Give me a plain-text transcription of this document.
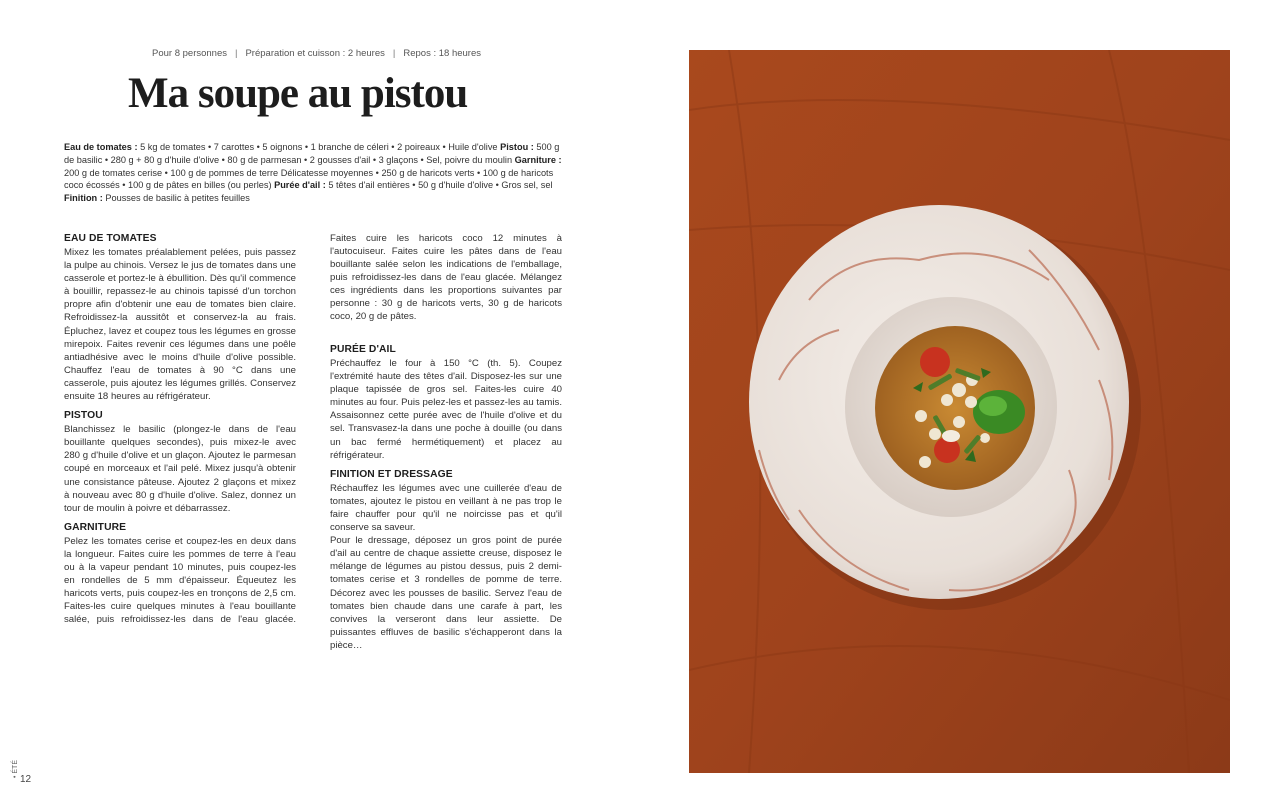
Pour 8 personnes | Préparation et cuisson : 2 heures | Repos : 18 heures
Ma soupe au pistou
Eau de tomates : 5 kg de tomates • 7 carottes • 5 oignons • 1 branche de céleri • 2 poireaux • Huile d'olive Pistou : 500 g de basilic • 280 g + 80 g d'huile d'olive • 80 g de parmesan • 2 gousses d'ail • 3 glaçons • Sel, poivre du moulin Garniture : 200 g de tomates cerise • 100 g de pommes de terre Délicatesse moyennes • 250 g de haricots verts • 100 g de haricots coco écossés • 100 g de pâtes en billes (ou perles) Purée d'ail : 5 têtes d'ail entières • 50 g d'huile d'olive • Gros sel, sel Finition : Pousses de basilic à petites feuilles
EAU DE TOMATES

Mixez les tomates préalablement pelées, puis passez la pulpe au chinois. Versez le jus de tomates dans une casserole et portez-le à ébullition. Dès qu'il commence à bouillir, repassez-le au chinois tapissé d'un torchon propre afin d'obtenir une eau de tomates bien claire. Refroidissez-la aussitôt et conservez-la au frais. Épluchez, lavez et coupez tous les légumes en grosse mirepoix. Faites revenir ces légumes dans une poêle antiadhésive avec le moins d'huile d'olive possible. Chauffez l'eau de tomates à 90 °C dans une casserole, puis ajoutez les légumes grillés. Conservez ensuite 18 heures au réfrigérateur.

PISTOU

Blanchissez le basilic (plongez-le dans de l'eau bouillante quelques secondes), puis mixez-le avec 280 g d'huile d'olive et un glaçon. Ajoutez le parmesan coupé en morceaux et l'ail pelé. Mixez jusqu'à obtenir une consistance pâteuse. Ajoutez 2 glaçons et mixez à nouveau avec 80 g d'huile d'olive. Salez, donnez un tour de moulin à poivre et débarrassez.

GARNITURE

Pelez les tomates cerise et coupez-les en deux dans la longueur. Faites cuire les pommes de terre à l'eau ou à la vapeur pendant 10 minutes, puis coupez-les en rondelles de 5 mm d'épaisseur. Équeutez les haricots verts, puis coupez-les en tronçons de 2,5 cm. Faites-les cuire quelques minutes à l'eau bouillante salée, puis refroidissez-les dans de l'eau glacée.

Faites cuire les haricots coco 12 minutes à l'autocuiseur. Faites cuire les pâtes dans de l'eau bouillante salée selon les indications de l'emballage, puis refroidissez-les dans de l'eau glacée. Mélangez ces ingrédients dans les proportions suivantes par personne : 30 g de haricots verts, 30 g de haricots coco, 20 g de pâtes.

PURÉE D'AIL

Préchauffez le four à 150 °C (th. 5). Coupez l'extrémité haute des têtes d'ail. Disposez-les sur une plaque tapissée de gros sel. Faites-les cuire 40 minutes au four. Puis pelez-les et passez-les au tamis. Assaisonnez cette purée avec de l'huile d'olive et du sel. Transvasez-la dans une poche à douille (ou dans un bac fermé hermétiquement) et placez au réfrigérateur.

FINITION ET DRESSAGE

Réchauffez les légumes avec une cuillerée d'eau de tomates, ajoutez le pistou en veillant à ne pas trop le faire chauffer pour qu'il ne noircisse pas et qu'il conserve sa saveur.

Pour le dressage, déposez un gros point de purée d'ail au centre de chaque assiette creuse, disposez le mélange de légumes au pistou dessus, puis 2 demi-tomates cerise et 3 rondelles de pomme de terre. Décorez avec les pousses de basilic. Servez l'eau de tomates bien chaude dans une carafe à part, les convives la verseront dans leur assiette. De puissantes effluves de basilic s'échapperont dans la pièce…

• ÉTÉ
12
